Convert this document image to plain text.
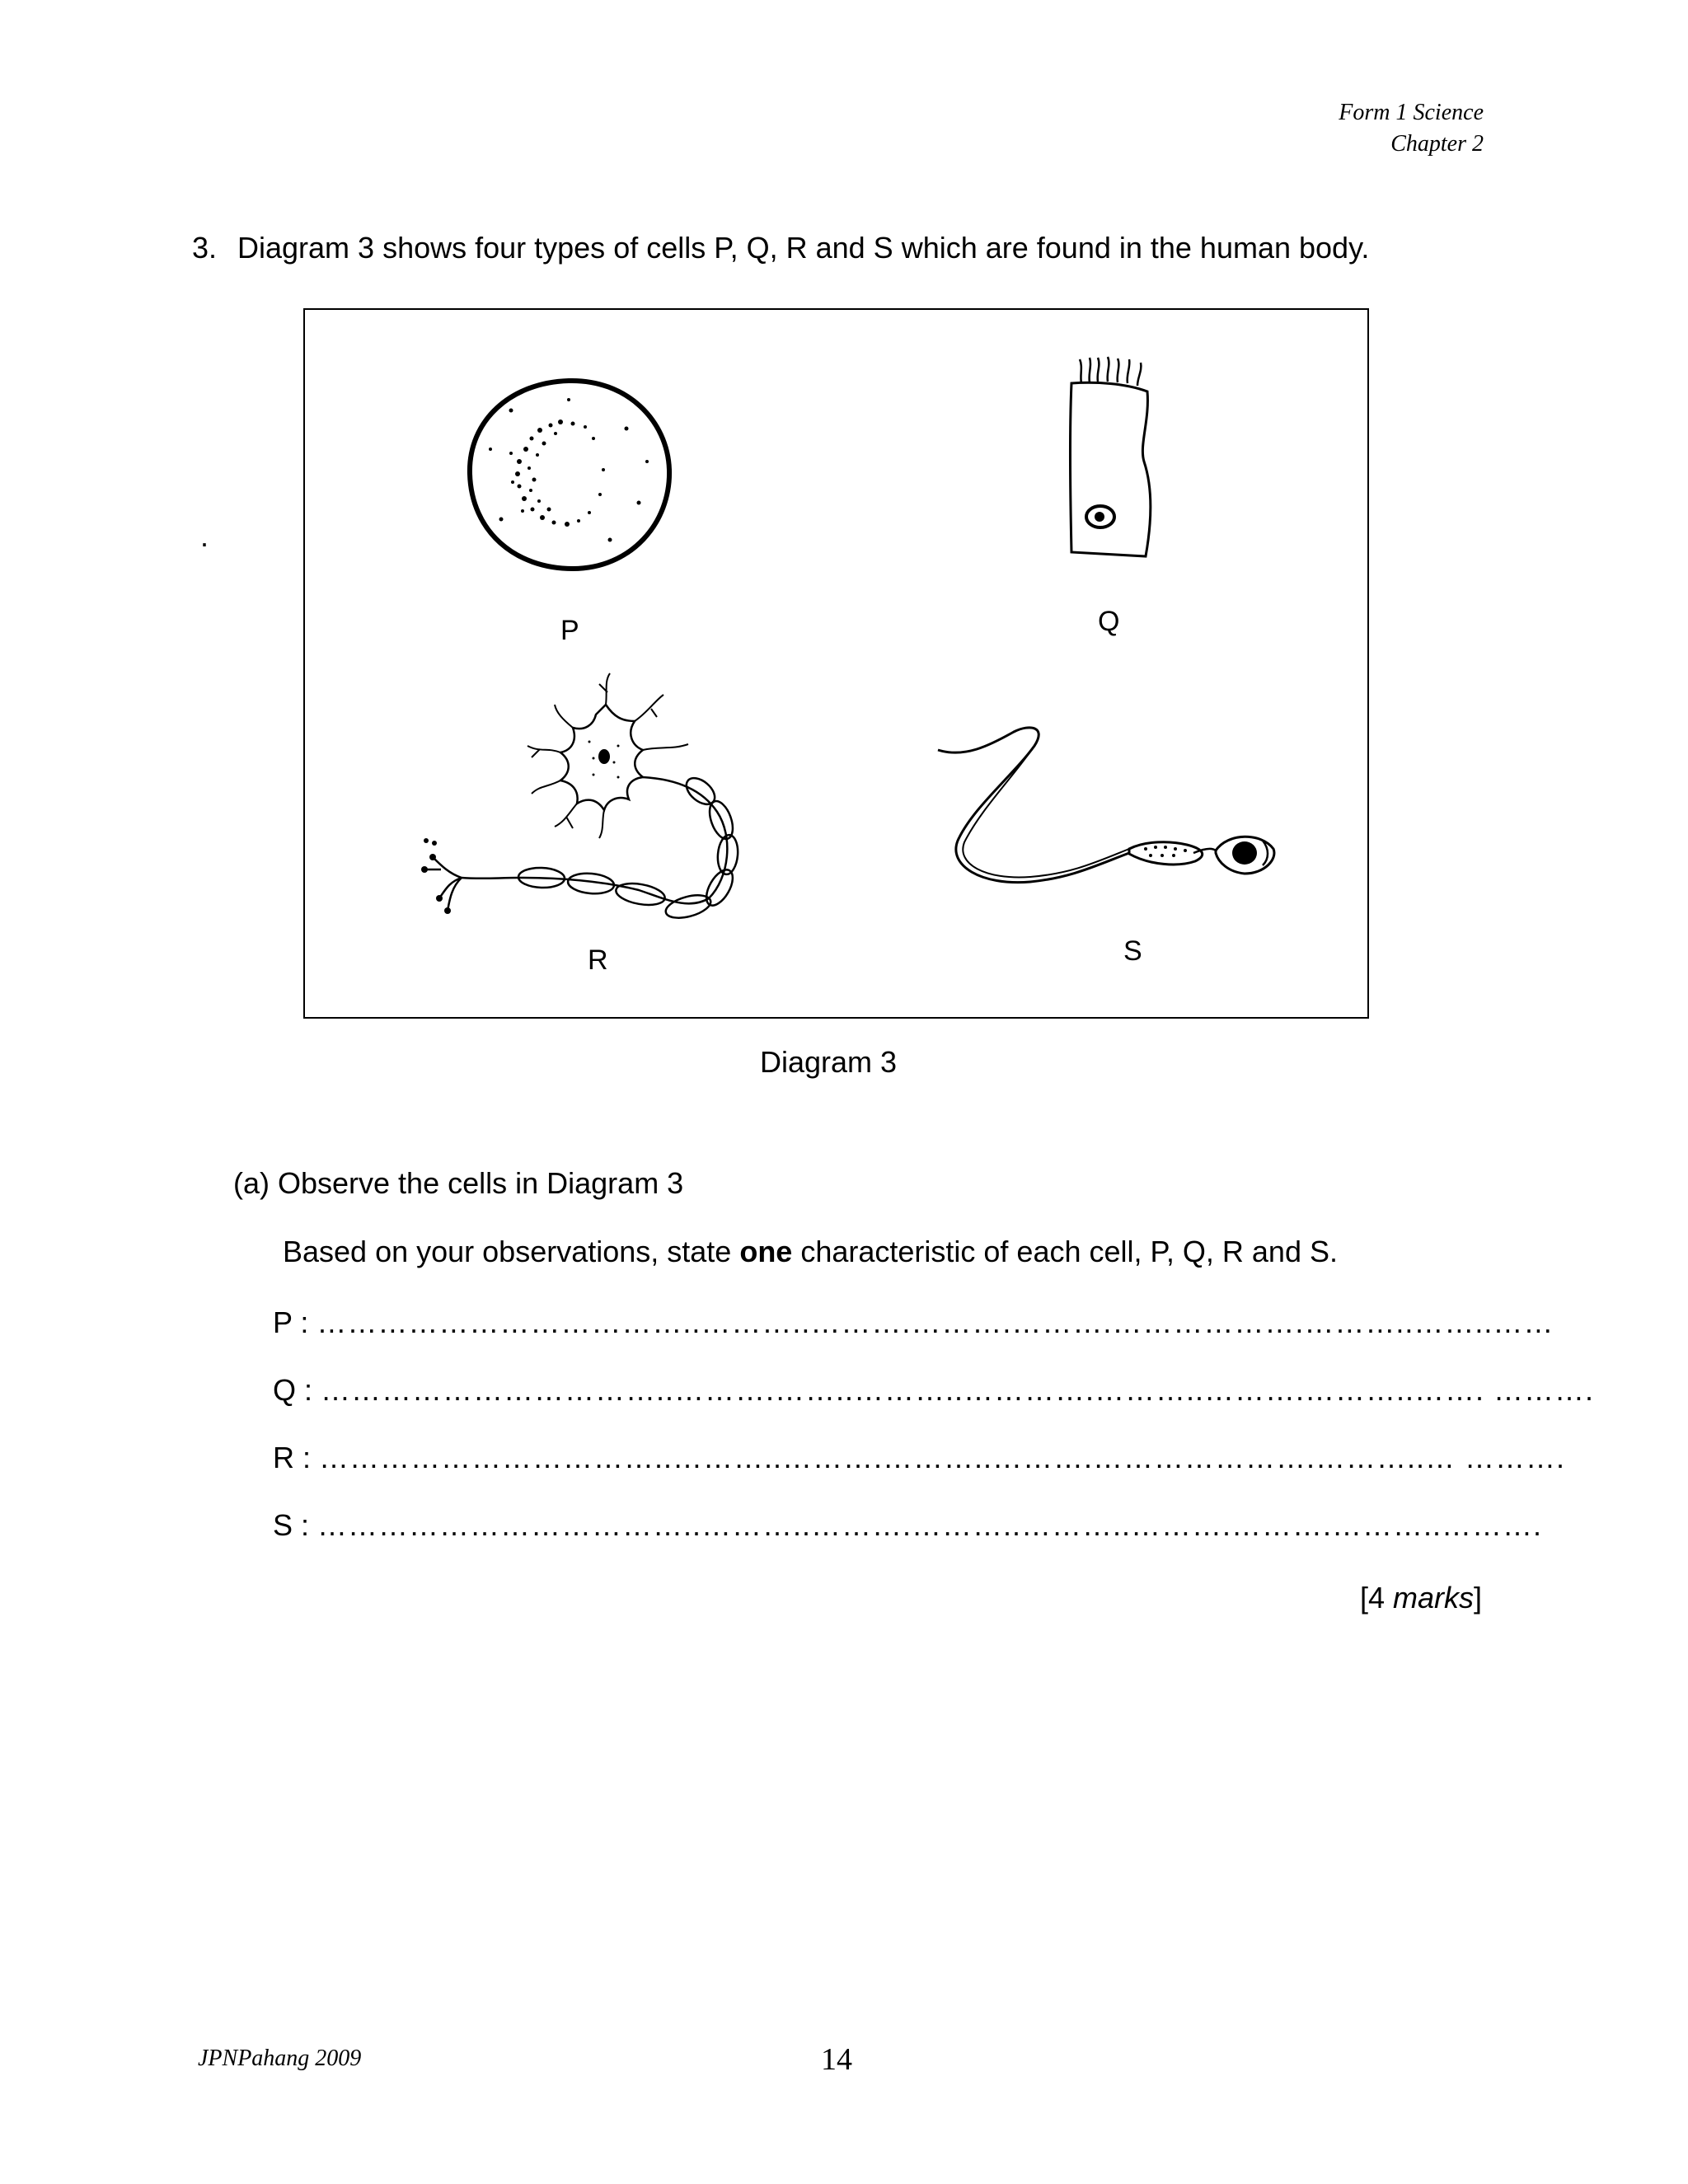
Form 1 Science
Chapter 2
3. Diagram 3 shows four types of cells P, Q, R and S which are found in the human body.
.
P	Q
R	S
Diagram 3
(a) Observe the cells in Diagram 3
Based on your observations, state one characteristic of each cell, P, Q, R and S.
P : ………………………………..………..……….……….……….……………….………..……..……
Q : ……………………………..……….……..………..………….………..……….………..……. ……….
R : ……………………………..………..……….………..……….………………….………..… ……….
S : ………………………………..………..……….………..………..……….……….………..……….
[4 marks]
JPNPahang 2009	14
